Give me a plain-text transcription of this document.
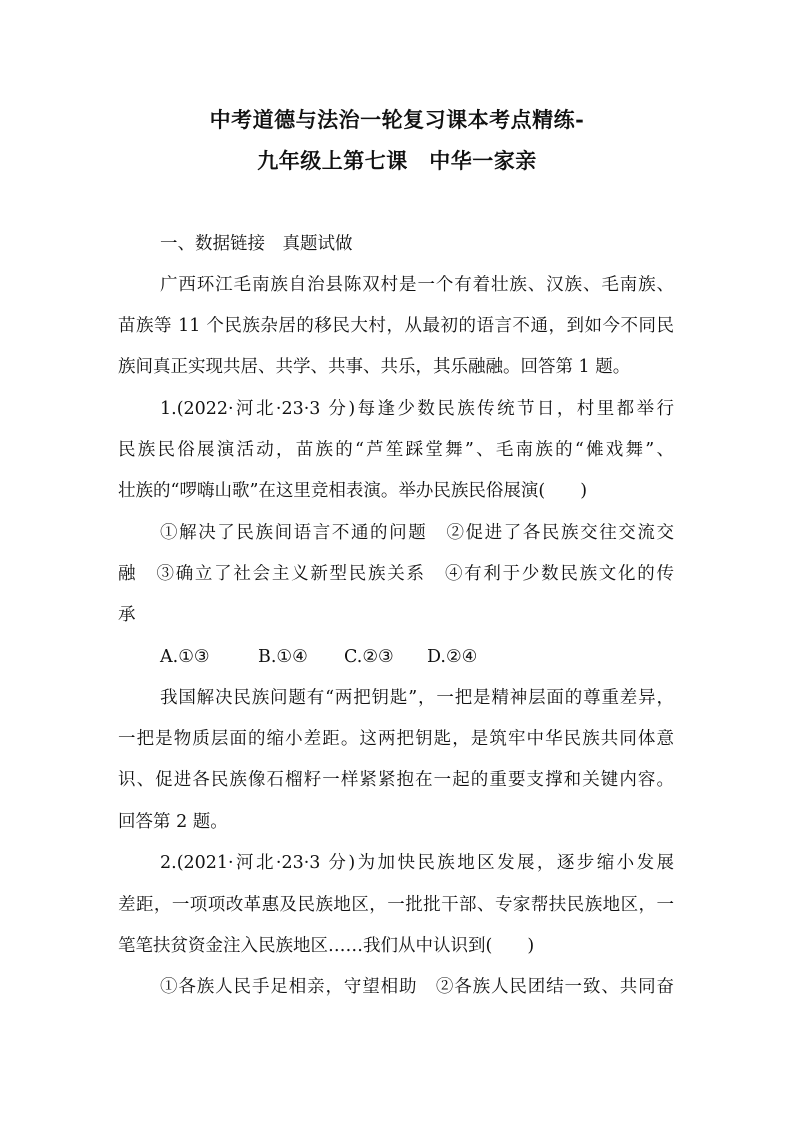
中考道德与法治一轮复习课本考点精练-
九年级上第七课　中华一家亲
一、数据链接　真题试做
广西环江毛南族自治县陈双村是一个有着壮族、汉族、毛南族、
苗族等 11 个民族杂居的移民大村，从最初的语言不通，到如今不同民
族间真正实现共居、共学、共事、共乐，其乐融融。回答第 1 题。
1.(2022·河北·23·3 分)每逢少数民族传统节日，村里都举行
民族民俗展演活动，苗族的“芦笙踩堂舞”、毛南族的“傩戏舞”、
壮族的“啰嗨山歌”在这里竞相表演。举办民族民俗展演(　　)
①解决了民族间语言不通的问题　②促进了各民族交往交流交
融　③确立了社会主义新型民族关系　④有利于少数民族文化的传
承
A.①③	B.①④ C.②③ D.②④
我国解决民族问题有“两把钥匙”，一把是精神层面的尊重差异，
一把是物质层面的缩小差距。这两把钥匙，是筑牢中华民族共同体意
识、促进各民族像石榴籽一样紧紧抱在一起的重要支撑和关键内容。
回答第 2 题。
2.(2021·河北·23·3 分)为加快民族地区发展，逐步缩小发展
差距，一项项改革惠及民族地区，一批批干部、专家帮扶民族地区，一
笔笔扶贫资金注入民族地区……我们从中认识到(　　)
①各族人民手足相亲，守望相助　②各族人民团结一致、共同奋
